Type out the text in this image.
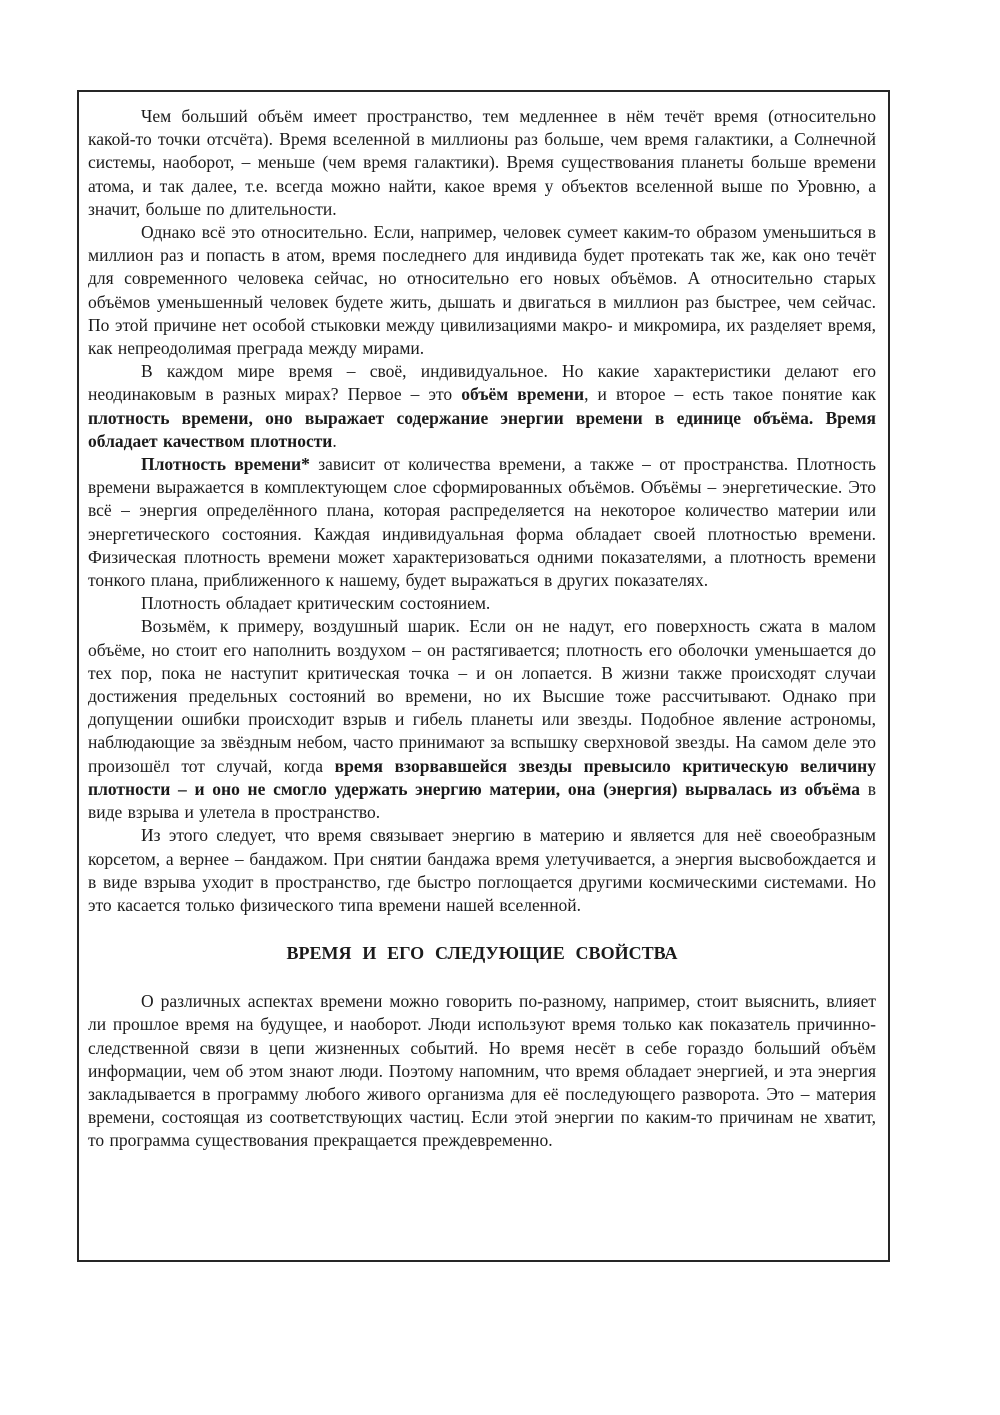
Чем больший объём имеет пространство, тем медленнее в нём течёт время (относительно какой-то точки отсчёта). Время вселенной в миллионы раз больше, чем время галактики, а Солнечной системы, наоборот, – меньше (чем время галактики). Время существования планеты больше времени атома, и так далее, т.е. всегда можно найти, какое время у объектов вселенной выше по Уровню, а значит, больше по длительности.

Однако всё это относительно. Если, например, человек сумеет каким-то образом уменьшиться в миллион раз и попасть в атом, время последнего для индивида будет протекать так же, как оно течёт для современного человека сейчас, но относительно его новых объёмов. А относительно старых объёмов уменьшенный человек будете жить, дышать и двигаться в миллион раз быстрее, чем сейчас. По этой причине нет особой стыковки между цивилизациями макро- и микромира, их разделяет время, как непреодолимая преграда между мирами.

В каждом мире время – своё, индивидуальное. Но какие характеристики делают его неодинаковым в разных мирах? Первое – это объём времени, и второе – есть такое понятие как плотность времени, оно выражает содержание энергии времени в единице объёма. Время обладает качеством плотности.

Плотность времени* зависит от количества времени, а также – от пространства. Плотность времени выражается в комплектующем слое сформированных объёмов. Объёмы – энергетические. Это всё – энергия определённого плана, которая распределяется на некоторое количество материи или энергетического состояния. Каждая индивидуальная форма обладает своей плотностью времени. Физическая плотность времени может характеризоваться одними показателями, а плотность времени тонкого плана, приближенного к нашему, будет выражаться в других показателях.

Плотность обладает критическим состоянием.

Возьмём, к примеру, воздушный шарик. Если он не надут, его поверхность сжата в малом объёме, но стоит его наполнить воздухом – он растягивается; плотность его оболочки уменьшается до тех пор, пока не наступит критическая точка – и он лопается. В жизни также происходят случаи достижения предельных состояний во времени, но их Высшие тоже рассчитывают. Однако при допущении ошибки происходит взрыв и гибель планеты или звезды. Подобное явление астрономы, наблюдающие за звёздным небом, часто принимают за вспышку сверхновой звезды. На самом деле это произошёл тот случай, когда время взорвавшейся звезды превысило критическую величину плотности – и оно не смогло удержать энергию материи, она (энергия) вырвалась из объёма в виде взрыва и улетела в пространство.

Из этого следует, что время связывает энергию в материю и является для неё своеобразным корсетом, а вернее – бандажом. При снятии бандажа время улетучивается, а энергия высвобождается и в виде взрыва уходит в пространство, где быстро поглощается другими космическими системами. Но это касается только физического типа времени нашей вселенной.

ВРЕМЯ И ЕГО СЛЕДУЮЩИЕ СВОЙСТВА

О различных аспектах времени можно говорить по-разному, например, стоит выяснить, влияет ли прошлое время на будущее, и наоборот. Люди используют время только как показатель причинно-следственной связи в цепи жизненных событий. Но время несёт в себе гораздо больший объём информации, чем об этом знают люди. Поэтому напомним, что время обладает энергией, и эта энергия закладывается в программу любого живого организма для её последующего разворота. Это – материя времени, состоящая из соответствующих частиц. Если этой энергии по каким-то причинам не хватит, то программа существования прекращается преждевременно.
